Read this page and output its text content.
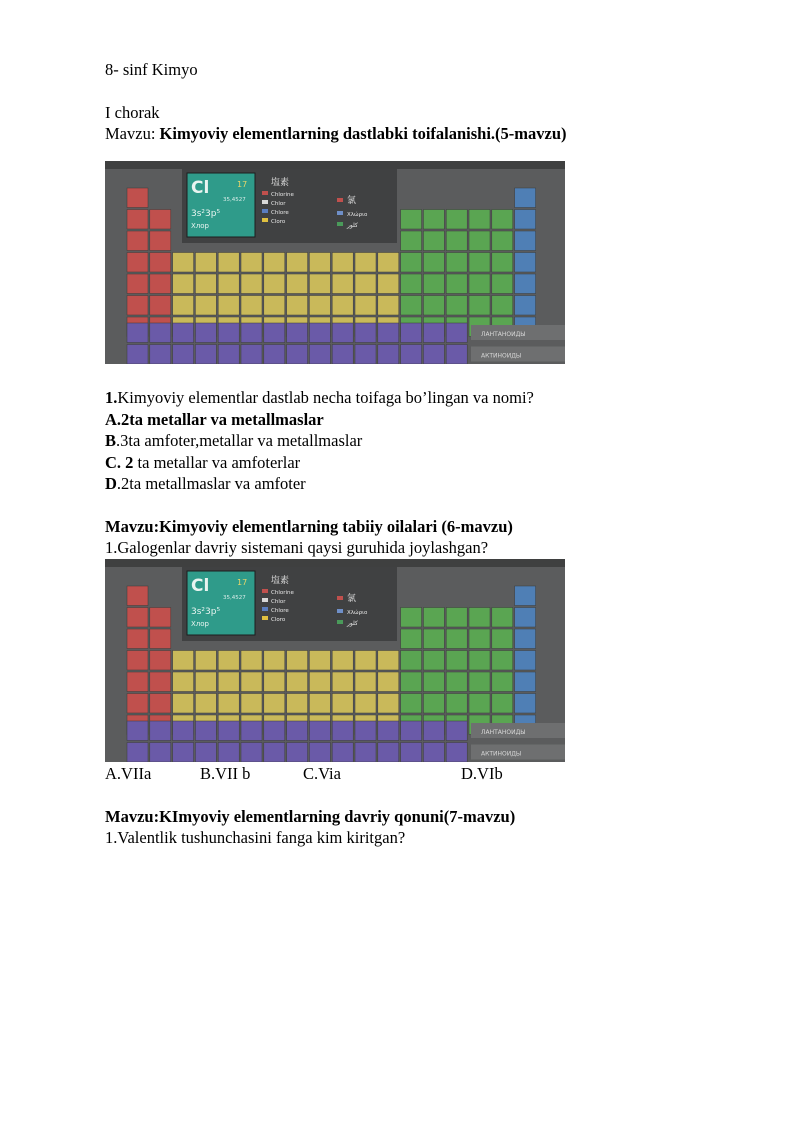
8- sinf Kimyo
I chorak
Mavzu: Kimyoviy elementlarning dastlabki toifalanishi.(5-mavzu)
ЛАНТАНОИДЫ
АКТИНОИДЫ
Cl	17
35,4527
3s²3p⁵
Хлор
塩素
Chlorine
Chlor
Chlore
Cloro
氯
Χλώριο
كلور
1.Kimyoviy elementlar dastlab necha toifaga bo’lingan va nomi?
A.2ta metallar va metallmaslar
B.3ta amfoter,metallar va metallmaslar
C. 2 ta metallar va amfoterlar
D.2ta metallmaslar va amfoter
Mavzu:Kimyoviy elementlarning tabiiy oilalari (6-mavzu)
1.Galogenlar davriy sistemani qaysi guruhida joylashgan?
ЛАНТАНОИДЫ
АКТИНОИДЫ
Cl	17
35,4527
3s²3p⁵
Хлор
塩素
Chlorine
Chlor
Chlore
Cloro
氯
Χλώριο
كلور
A.VIIa	B.VII b	C.Via	D.VIb
Mavzu:KImyoviy elementlarning davriy qonuni(7-mavzu)
1.Valentlik tushunchasini fanga kim kiritgan?
